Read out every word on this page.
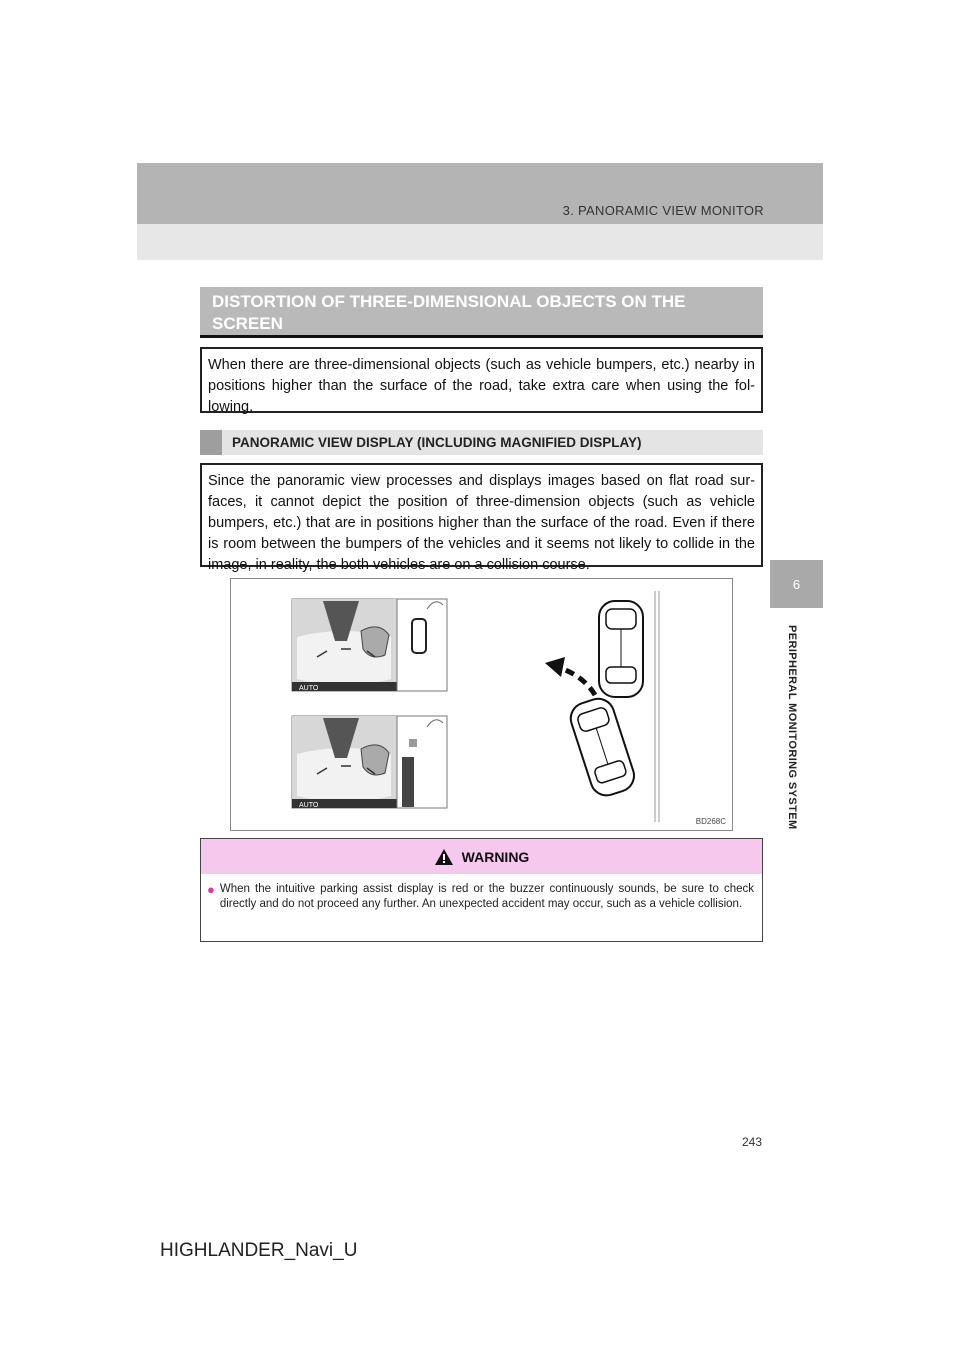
3. PANORAMIC VIEW MONITOR
6
PERIPHERAL MONITORING SYSTEM
DISTORTION OF THREE-DIMENSIONAL OBJECTS ON THE SCREEN
When there are three-dimensional objects (such as vehicle bumpers, etc.) nearby in positions higher than the surface of the road, take extra care when using the fol-lowing.
PANORAMIC VIEW DISPLAY (INCLUDING MAGNIFIED DISPLAY)
Since the panoramic view processes and displays images based on flat road sur-faces, it cannot depict the position of three-dimension objects (such as vehicle bumpers, etc.) that are in positions higher than the surface of the road. Even if there is room between the bumpers of the vehicles and it seems not likely to collide in the image, in reality, the both vehicles are on a collision course.
AUTO
AUTO
BD268C
WARNING
● When the intuitive parking assist display is red or the buzzer continuously sounds, be sure to check directly and do not proceed any further. An unexpected accident may occur, such as a vehicle collision.
243
HIGHLANDER_Navi_U
